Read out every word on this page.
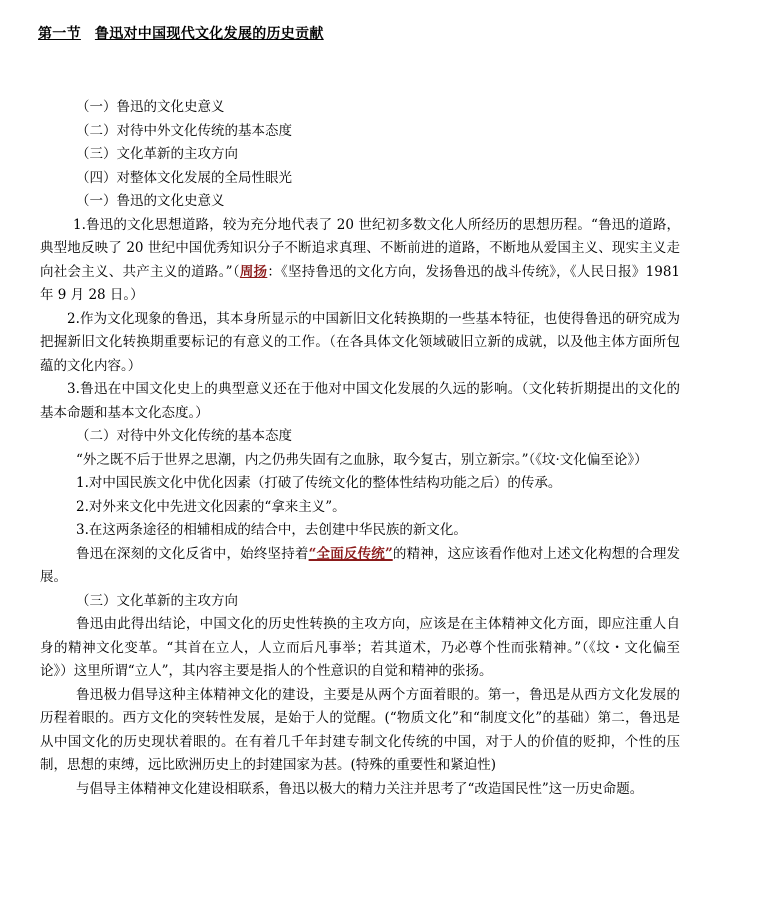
第一节 鲁迅对中国现代文化发展的历史贡献

（一）鲁迅的文化史意义

（二）对待中外文化传统的基本态度

（三）文化革新的主攻方向

（四）对整体文化发展的全局性眼光

（一）鲁迅的文化史意义

1.鲁迅的文化思想道路，较为充分地代表了 20 世纪初多数文化人所经历的思想历程。“鲁迅的道路，典型地反映了 20 世纪中国优秀知识分子不断追求真理、不断前进的道路，不断地从爱国主义、现实主义走向社会主义、共产主义的道路。”（周扬：《坚持鲁迅的文化方向，发扬鲁迅的战斗传统》，《人民日报》1981 年 9 月 28 日。）

2.作为文化现象的鲁迅，其本身所显示的中国新旧文化转换期的一些基本特征，也使得鲁迅的研究成为把握新旧文化转换期重要标记的有意义的工作。（在各具体文化领域破旧立新的成就，以及他主体方面所包蕴的文化内容。）

3.鲁迅在中国文化史上的典型意义还在于他对中国文化发展的久远的影响。（文化转折期提出的文化的基本命题和基本文化态度。）

（二）对待中外文化传统的基本态度

“外之既不后于世界之思潮，内之仍弗失固有之血脉，取今复古，别立新宗。”（《坟·文化偏至论》）

1.对中国民族文化中优化因素（打破了传统文化的整体性结构功能之后）的传承。

2.对外来文化中先进文化因素的“拿来主义”。

3.在这两条途径的相辅相成的结合中，去创建中华民族的新文化。

鲁迅在深刻的文化反省中，始终坚持着“全面反传统”的精神，这应该看作他对上述文化构想的合理发展。

（三）文化革新的主攻方向

鲁迅由此得出结论，中国文化的历史性转换的主攻方向，应该是在主体精神文化方面，即应注重人自身的精神文化变革。“其首在立人，人立而后凡事举；若其道术，乃必尊个性而张精神。”（《坟・文化偏至论》）这里所谓“立人”，其内容主要是指人的个性意识的自觉和精神的张扬。

鲁迅极力倡导这种主体精神文化的建设，主要是从两个方面着眼的。第一，鲁迅是从西方文化发展的历程着眼的。西方文化的突转性发展，是始于人的觉醒。(“物质文化”和“制度文化”的基础）第二，鲁迅是从中国文化的历史现状着眼的。在有着几千年封建专制文化传统的中国，对于人的价值的贬抑，个性的压制，思想的束缚，远比欧洲历史上的封建国家为甚。(特殊的重要性和紧迫性)

与倡导主体精神文化建设相联系，鲁迅以极大的精力关注并思考了“改造国民性”这一历史命题。
